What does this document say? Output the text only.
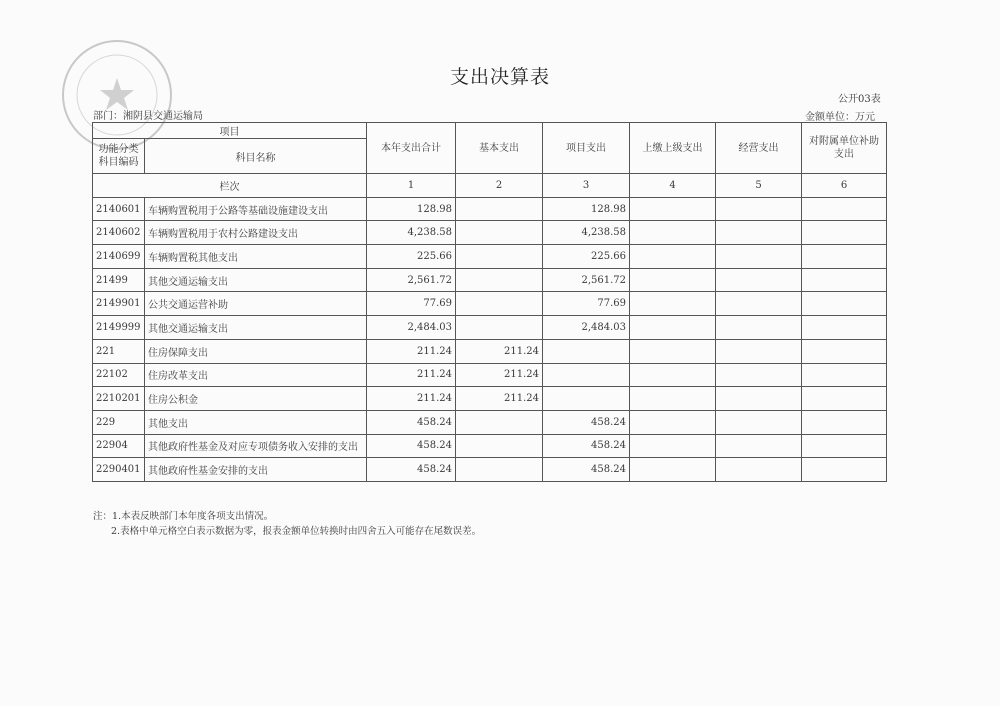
支出决算表
公开03表
部门：湘阴县交通运输局	金额单位：万元
项目		本年支出合计	基本支出	项目支出	上缴上级支出	经营支出	对附属单位补助支出
功能分类科目编码	科目名称						
栏次		1	2	3	4	5	6
2140601	车辆购置税用于公路等基础设施建设支出	128.98		128.98			
2140602	车辆购置税用于农村公路建设支出	4,238.58		4,238.58			
2140699	车辆购置税其他支出	225.66		225.66			
21499	其他交通运输支出	2,561.72		2,561.72			
2149901	公共交通运营补助	77.69		77.69			
2149999	其他交通运输支出	2,484.03		2,484.03			
221	住房保障支出	211.24	211.24				
22102	住房改革支出	211.24	211.24				
2210201	住房公积金	211.24	211.24				
229	其他支出	458.24		458.24			
22904	其他政府性基金及对应专项债务收入安排的支出	458.24		458.24			
2290401	其他政府性基金安排的支出	458.24		458.24			
注：1.本表反映部门本年度各项支出情况。
2.表格中单元格空白表示数据为零，报表金额单位转换时由四舍五入可能存在尾数误差。
